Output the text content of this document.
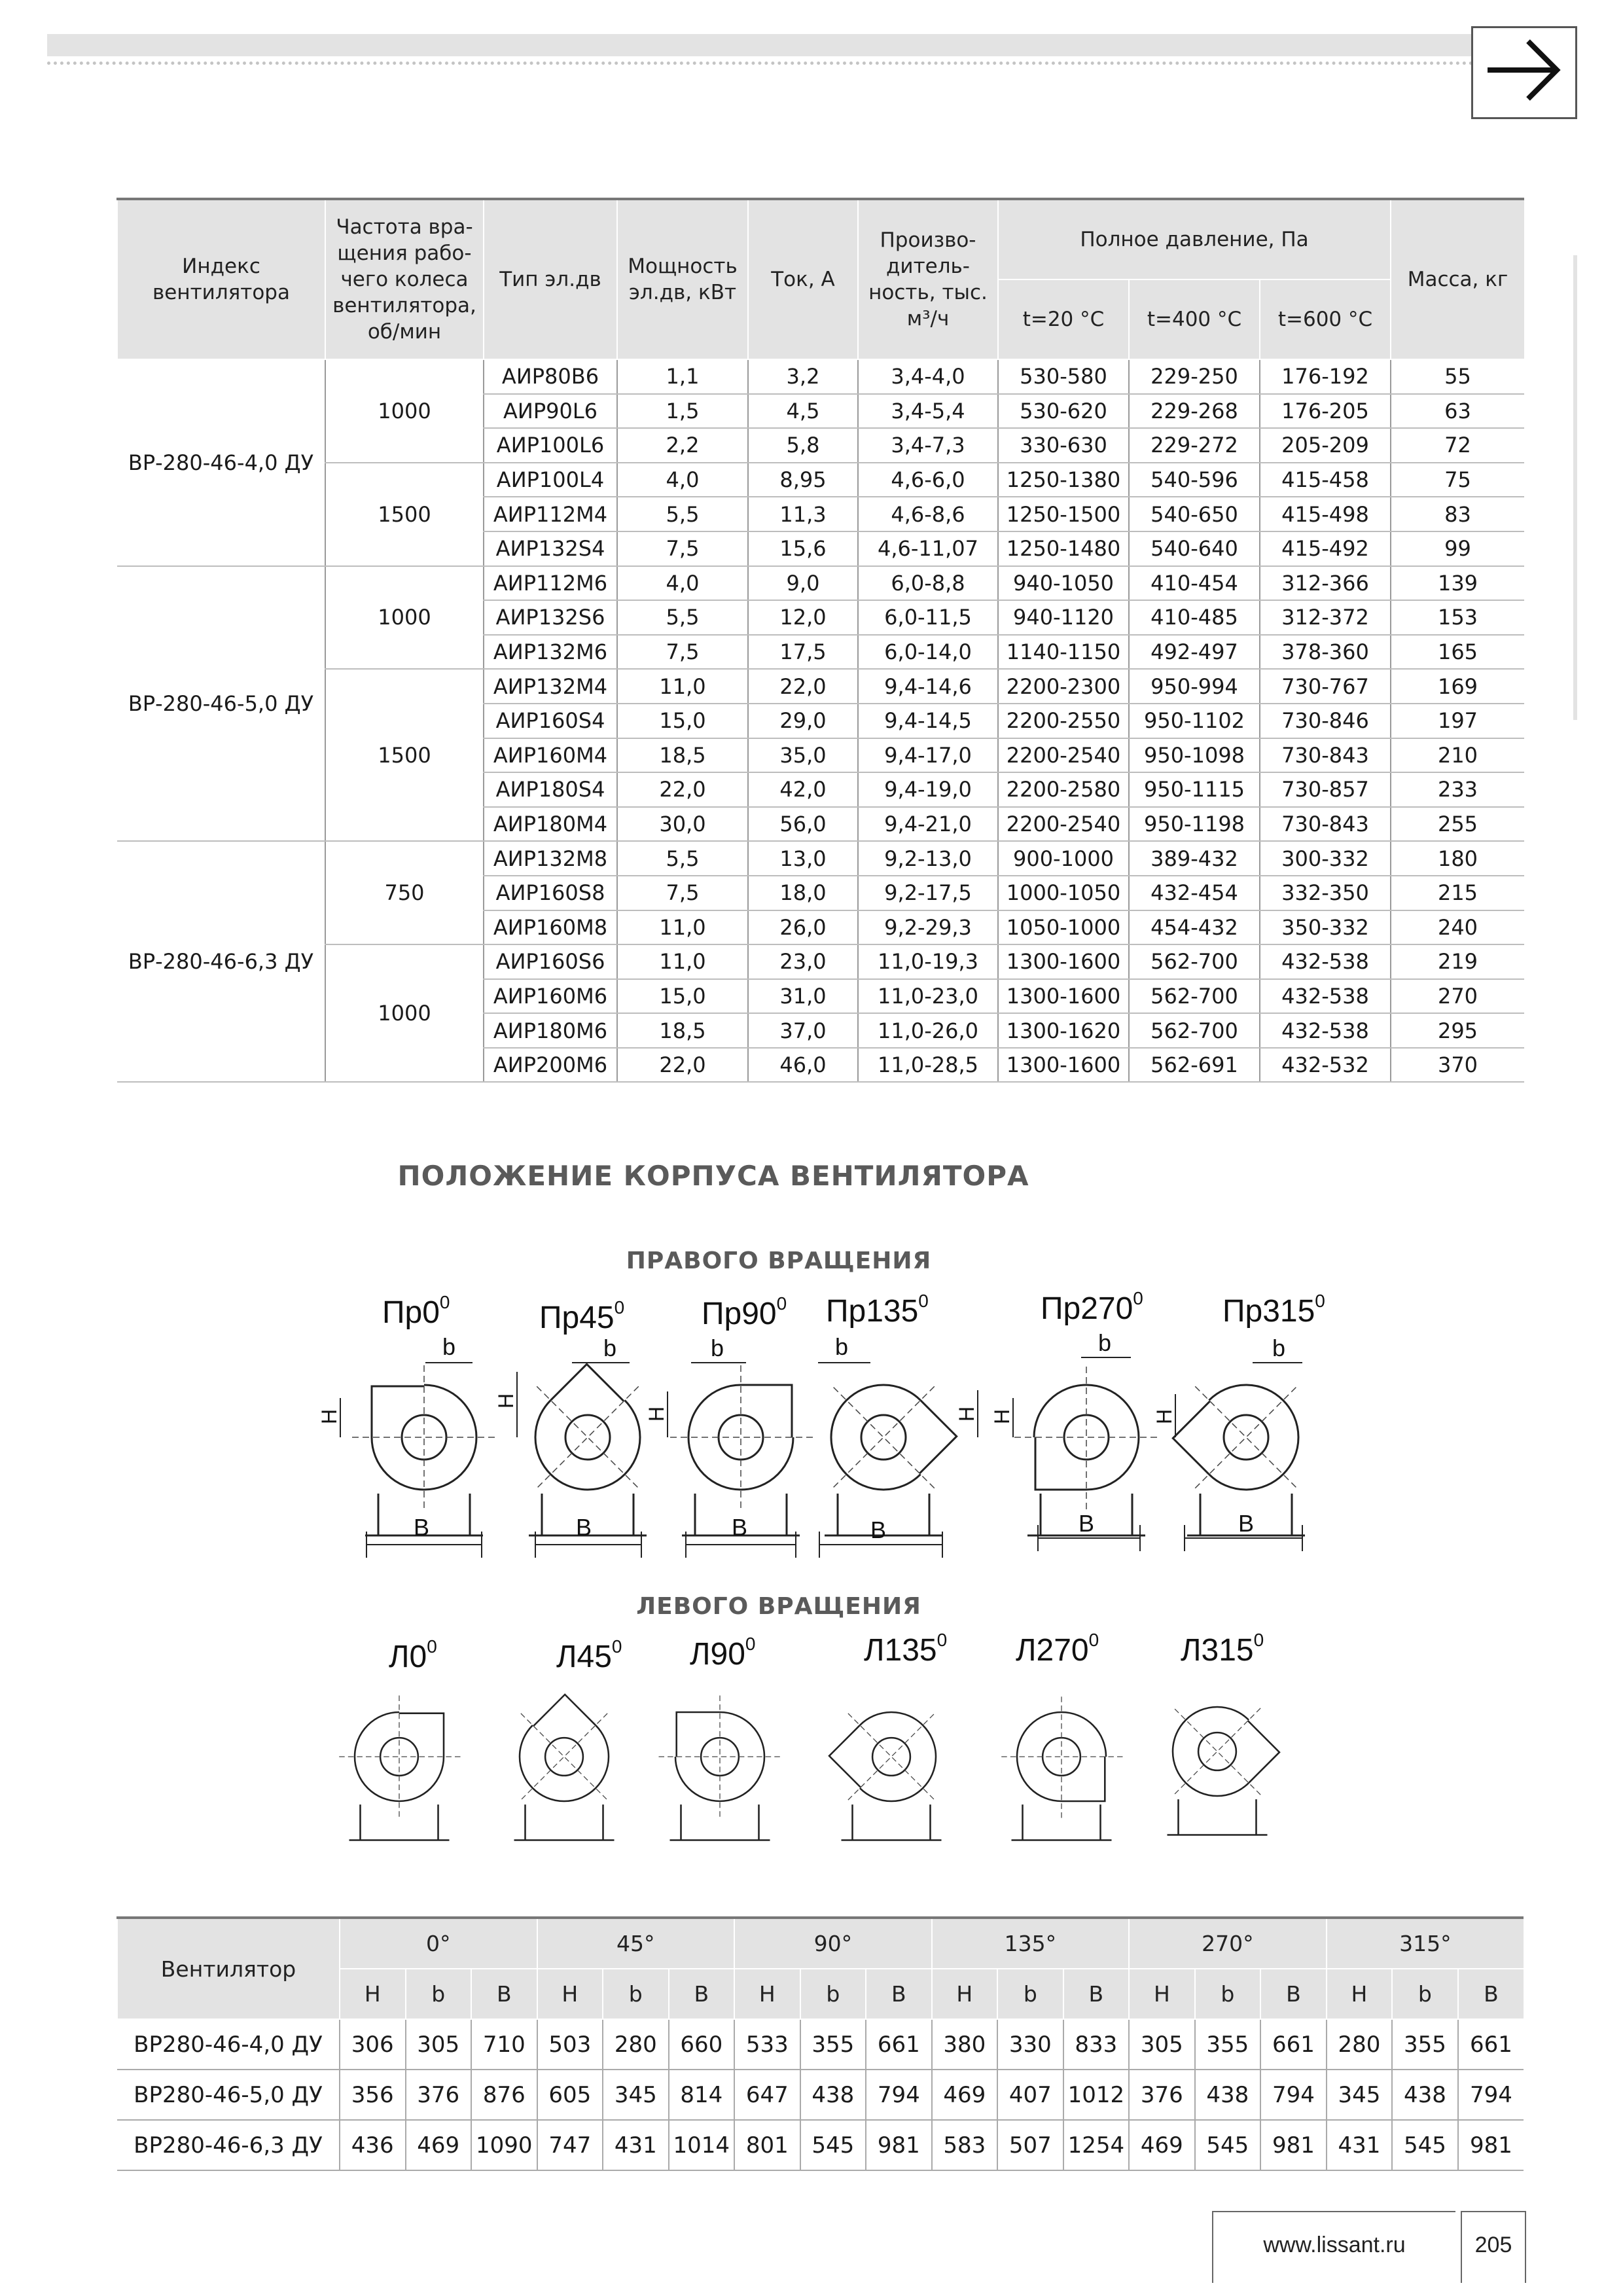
Индекс вентилятора	Частота вра-щения рабо-чего колеса вентилятора, об/мин	Тип эл.дв	Мощность эл.дв, кВт	Ток, А	Произво-дитель-ность, тыс. м³/ч	Полное давление, Па			Масса, кг
						t=20 °C	t=400 °C	t=600 °C	
ВР-280-46-4,0 ДУ	1000	АИР80В6	1,1	3,2	3,4-4,0	530-580	229-250	176-192	55
		АИР90L6	1,5	4,5	3,4-5,4	530-620	229-268	176-205	63
		АИР100L6	2,2	5,8	3,4-7,3	330-630	229-272	205-209	72
	1500	АИР100L4	4,0	8,95	4,6-6,0	1250-1380	540-596	415-458	75
		АИР112М4	5,5	11,3	4,6-8,6	1250-1500	540-650	415-498	83
		АИР132S4	7,5	15,6	4,6-11,07	1250-1480	540-640	415-492	99
ВР-280-46-5,0 ДУ	1000	АИР112М6	4,0	9,0	6,0-8,8	940-1050	410-454	312-366	139
		АИР132S6	5,5	12,0	6,0-11,5	940-1120	410-485	312-372	153
		АИР132М6	7,5	17,5	6,0-14,0	1140-1150	492-497	378-360	165
	1500	АИР132М4	11,0	22,0	9,4-14,6	2200-2300	950-994	730-767	169
		АИР160S4	15,0	29,0	9,4-14,5	2200-2550	950-1102	730-846	197
		АИР160М4	18,5	35,0	9,4-17,0	2200-2540	950-1098	730-843	210
		АИР180S4	22,0	42,0	9,4-19,0	2200-2580	950-1115	730-857	233
		АИР180М4	30,0	56,0	9,4-21,0	2200-2540	950-1198	730-843	255
ВР-280-46-6,3 ДУ	750	АИР132М8	5,5	13,0	9,2-13,0	900-1000	389-432	300-332	180
		АИР160S8	7,5	18,0	9,2-17,5	1000-1050	432-454	332-350	215
		АИР160М8	11,0	26,0	9,2-29,3	1050-1000	454-432	350-332	240
	1000	АИР160S6	11,0	23,0	11,0-19,3	1300-1600	562-700	432-538	219
		АИР160М6	15,0	31,0	11,0-23,0	1300-1600	562-700	432-538	270
		АИР180М6	18,5	37,0	11,0-26,0	1300-1620	562-700	432-538	295
		АИР200М6	22,0	46,0	11,0-28,5	1300-1600	562-691	432-532	370
ПОЛОЖЕНИЕ КОРПУСА ВЕНТИЛЯТОРА
ПРАВОГО ВРАЩЕНИЯ
ЛЕВОГО ВРАЩЕНИЯ
$Пр0^0$	$Пр45^0$ $Пр90^0$ $Пр135^0$	$Пр270^0$	$Пр315^0$
$Л0^0$	$Л45^0$ $Л90^0$	$Л135^0$ $Л270^0$	$Л315^0$
B	B	B	B	B	B
b	b	b	b	b	b
H
H
H	H H	H
Вентилятор	0°			45°			90°			135°			270°			315°		
	H	b	B	H	b	B	H	b	B	H	b	B	H	b	B	H	b	B
ВР280-46-4,0 ДУ	306	305	710	503	280	660	533	355	661	380	330	833	305	355	661	280	355	661
ВР280-46-5,0 ДУ	356	376	876	605	345	814	647	438	794	469	407	1012	376	438	794	345	438	794
ВР280-46-6,3 ДУ	436	469	1090	747	431	1014	801	545	981	583	507	1254	469	545	981	431	545	981
www.lissant.ru	205
